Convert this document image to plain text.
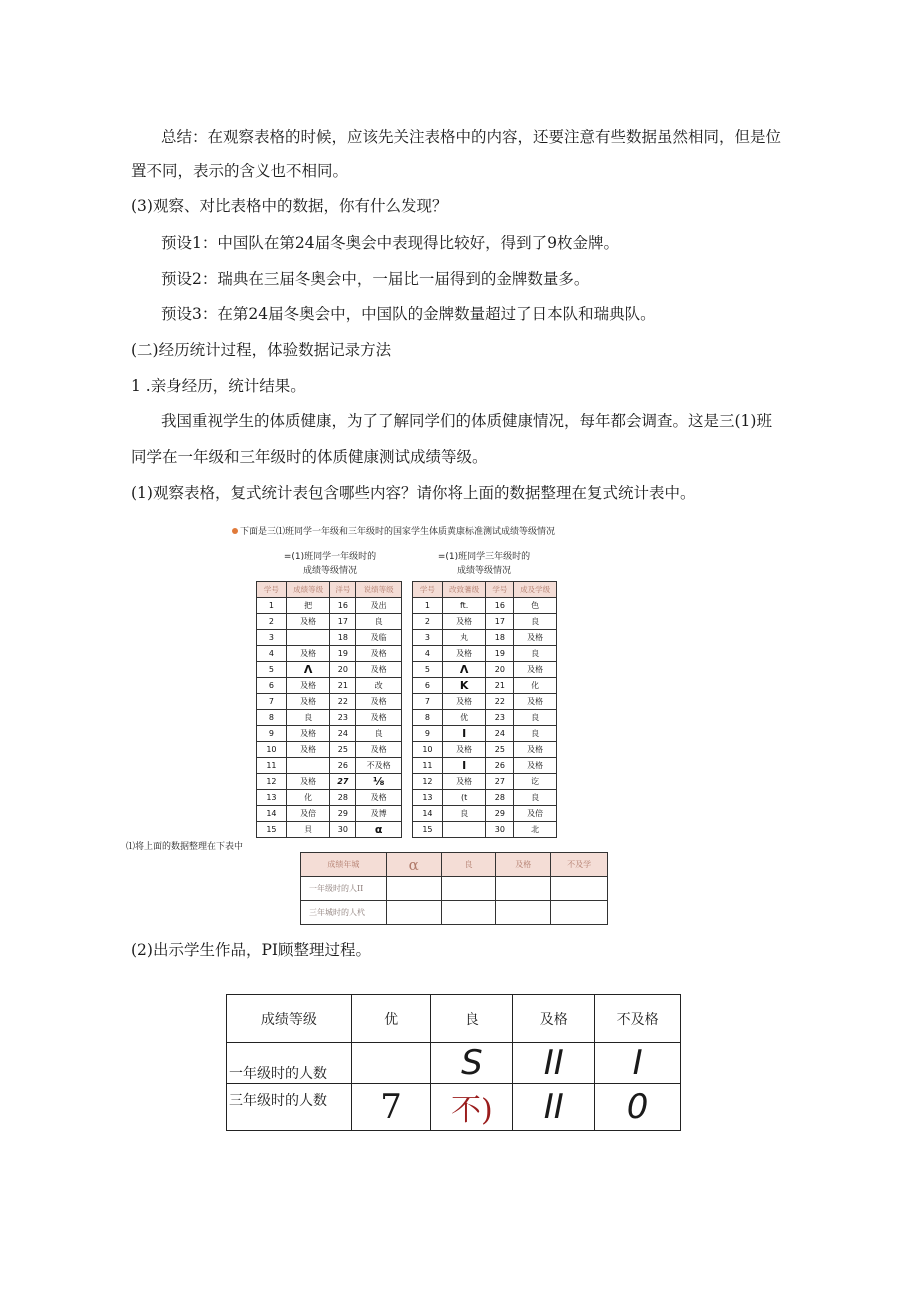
总结：在观察表格的时候，应该先关注表格中的内容，还要注意有些数据虽然相同，但是位

置不同，表示的含义也不相同。

(3)观察、对比表格中的数据，你有什么发现？

预设1：中国队在第24届冬奥会中表现得比较好，得到了9枚金牌。

预设2：瑞典在三届冬奥会中，一届比一届得到的金牌数量多。

预设3：在第24届冬奥会中，中国队的金牌数量超过了日本队和瑞典队。

(二)经历统计过程，体验数据记录方法

1 .亲身经历，统计结果。

我国重视学生的体质健康，为了了解同学们的体质健康情况，每年都会调查。这是三(1)班

同学在一年级和三年级时的体质健康测试成绩等级。

(1)观察表格，复式统计表包含哪些内容？请你将上面的数据整理在复式统计表中。

下面是三⑴班同学一年级和三年级时的国家学生体质黄康标准测试成绩等级情况
=(1)班同学一年级时的
成绩等级情况
=(1)班同学三年级时的
成绩等级情况
学号	成绩等级	洋号	说绩等级
1	把	16	及出
2	及格	17	良
3		18	及临
4	及格	19	及格
5	Λ	20	及格
6	及格	21	改
7	及格	22	及格
8	良	23	及格
9	及格	24	良
10	及格	25	及格
11		26	不及格
12	及格	27	⅛
13	化	28	及格
14	及倍	29	及博
15	貝	30	α
学号	改致蓍级	学号	成及学级
1	ft.	16	色
2	及格	17	良
3	丸	18	及格
4	及格	19	良
5	Λ	20	及格
6	K	21	化
7	及格	22	及格
8	优	23	良
9	I	24	良
10	及格	25	及格
11	I	26	及格
12	及格	27	讫
13	(t	28	良
14	良	29	及倍
15		30	北
⑴将上面的数据整理在下表中
成绩年城	α	良	及格	不及学
一年级时的人II				
三年城时的人杙				

(2)出示学生作品，PI顾整理过程。

成绩等级	优	良	及格	不及格
一年级时的人数		S	II	I
三年级时的人数	7	不)	II	0
